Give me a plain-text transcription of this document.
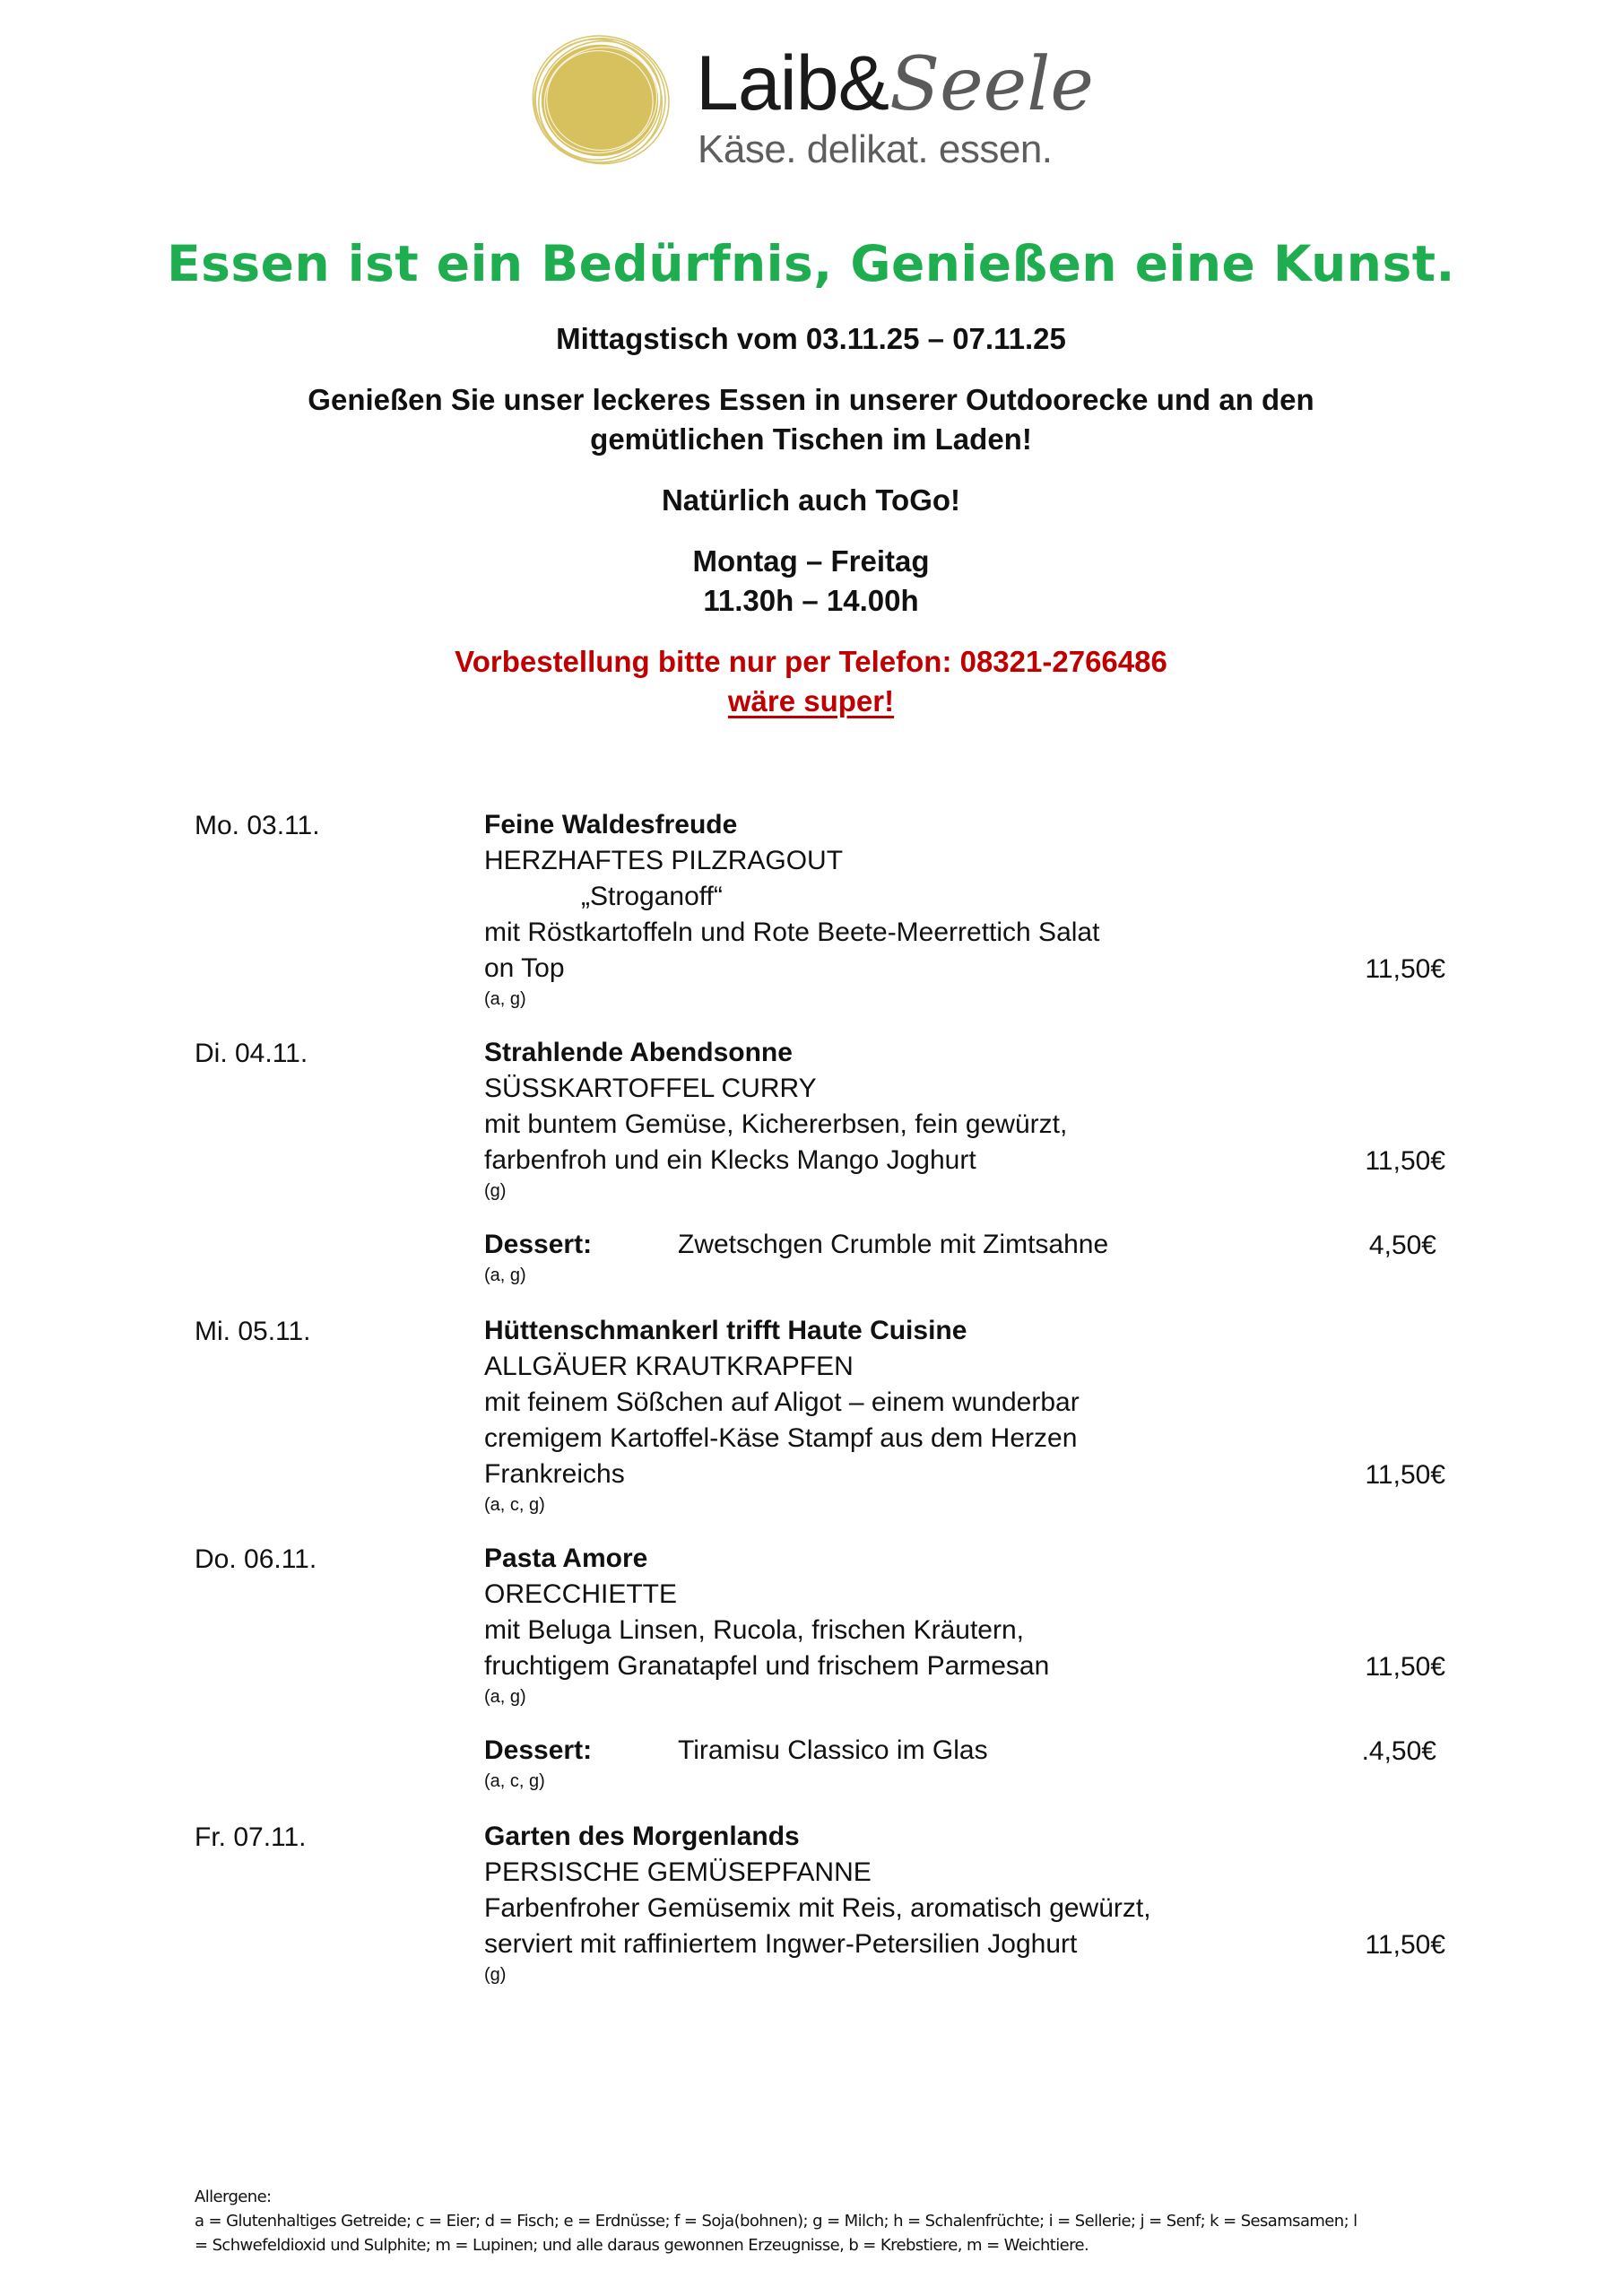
Laib&Seele
Käse. delikat. essen.
Essen ist ein Bedürfnis, Genießen eine Kunst.
Mittagstisch vom 03.11.25 – 07.11.25
Genießen Sie unser leckeres Essen in unserer Outdoorecke und an den
gemütlichen Tischen im Laden!
Natürlich auch ToGo!
Montag – Freitag
11.30h – 14.00h
Vorbestellung bitte nur per Telefon: 08321-2766486
wäre super!
Mo. 03.11.	Feine Waldesfreude
HERZHAFTES PILZRAGOUT
„Stroganoff“
mit Röstkartoffeln und Rote Beete-Meerrettich Salat
on Top
(a, g)
11,50€
Di. 04.11.	Strahlende Abendsonne
SÜSSKARTOFFEL CURRY
mit buntem Gemüse, Kichererbsen, fein gewürzt,
farbenfroh und ein Klecks Mango Joghurt
(g)
11,50€
Dessert:	Zwetschgen Crumble mit Zimtsahne
(a, g)
4,50€
Mi. 05.11.	Hüttenschmankerl trifft Haute Cuisine
ALLGÄUER KRAUTKRAPFEN
mit feinem Sößchen auf Aligot – einem wunderbar
cremigem Kartoffel-Käse Stampf aus dem Herzen
Frankreichs
(a, c, g)
11,50€
Do. 06.11.	Pasta Amore
ORECCHIETTE
mit Beluga Linsen, Rucola, frischen Kräutern,
fruchtigem Granatapfel und frischem Parmesan
(a, g)
11,50€
Dessert:	Tiramisu Classico im Glas
(a, c, g)
.4,50€
Fr. 07.11.	Garten des Morgenlands
PERSISCHE GEMÜSEPFANNE
Farbenfroher Gemüsemix mit Reis, aromatisch gewürzt,
serviert mit raffiniertem Ingwer-Petersilien Joghurt
(g)
11,50€
Allergene:
a = Glutenhaltiges Getreide; c = Eier; d = Fisch; e = Erdnüsse; f = Soja(bohnen); g = Milch; h = Schalenfrüchte; i = Sellerie; j = Senf; k = Sesamsamen; l
= Schwefeldioxid und Sulphite; m = Lupinen; und alle daraus gewonnen Erzeugnisse, b = Krebstiere, m = Weichtiere.
